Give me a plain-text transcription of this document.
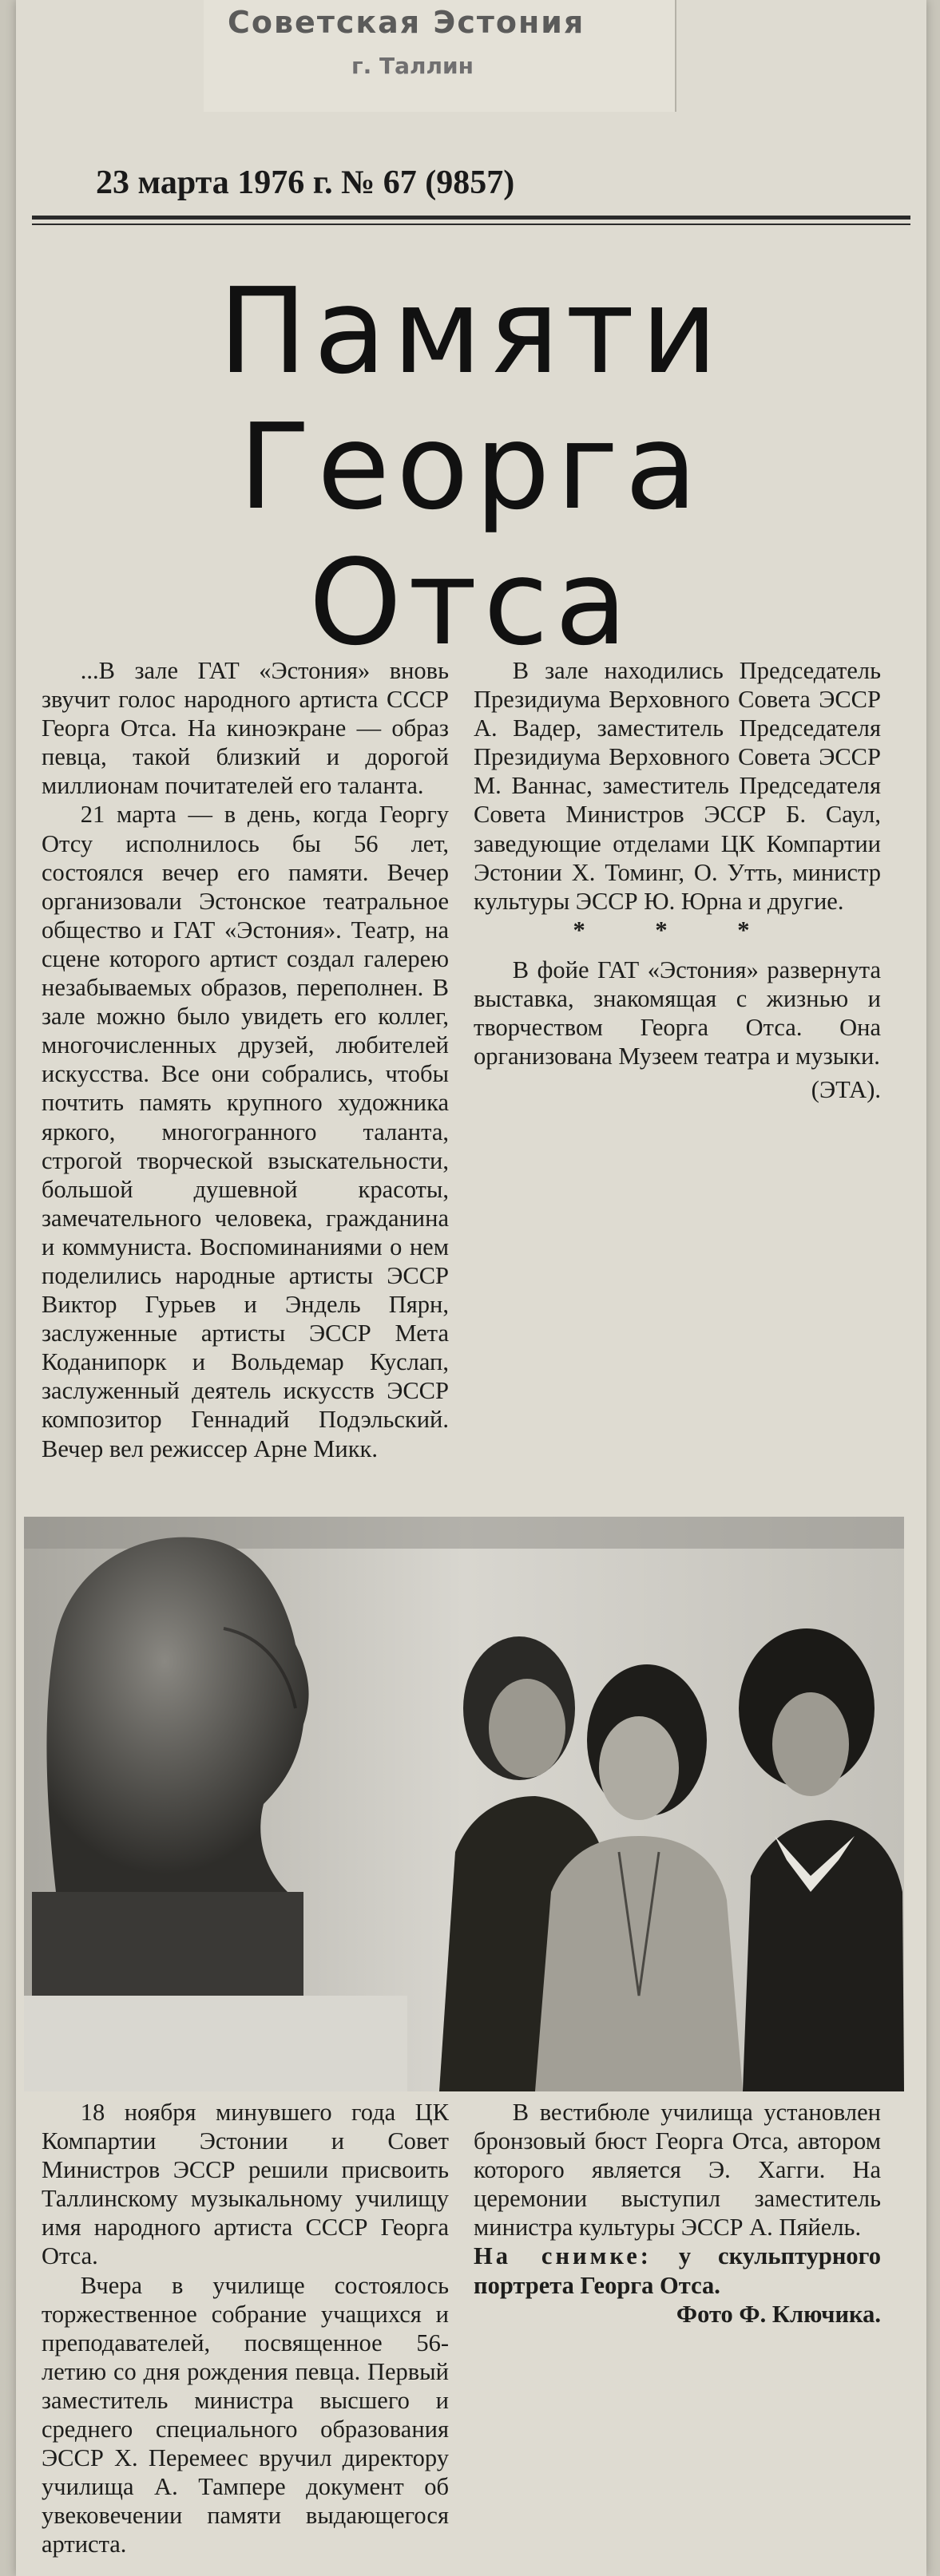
Советская Эстония
г. Таллин
23 марта 1976 г. № 67 (9857)
Памяти
Георга
Отса

...В зале ГАТ «Эстония» вновь звучит голос народного артиста СССР Георга Отса. На киноэкране — образ певца, такой близкий и дорогой миллионам почитателей его таланта.

21 марта — в день, когда Георгу Отсу исполнилось бы 56 лет, состоялся вечер его памяти. Вечер организовали Эстонское театральное общество и ГАТ «Эстония». Театр, на сцене которого артист создал галерею незабываемых образов, переполнен. В зале можно было увидеть его коллег, многочисленных друзей, любителей искусства. Все они собрались, чтобы почтить память крупного художника яркого, многогранного таланта, строгой творческой взыскательности, большой душевной красоты, замечательного человека, гражданина и коммуниста. Воспоминаниями о нем поделились народные артисты ЭССР Виктор Гурьев и Эндель Пярн, заслуженные артисты ЭССР Мета Коданипорк и Вольдемар Куслап, заслуженный деятель искусств ЭССР композитор Геннадий Подэльский. Вечер вел режиссер Арне Микк.

В зале находились Председатель Президиума Верховного Совета ЭССР А. Вадер, заместитель Председателя Президиума Верховного Совета ЭССР М. Ваннас, заместитель Председателя Совета Министров ЭССР Б. Саул, заведующие отделами ЦК Компартии Эстонии Х. Томинг, О. Утть, министр культуры ЭССР Ю. Юрна и другие.

* * *

В фойе ГАТ «Эстония» развернута выставка, знакомящая с жизнью и творчеством Георга Отса. Она организована Музеем театра и музыки.

(ЭТА).

18 ноября минувшего года ЦК Компартии Эстонии и Совет Министров ЭССР решили присвоить Таллинскому музыкальному училищу имя народного артиста СССР Георга Отса.

Вчера в училище состоялось торжественное собрание учащихся и преподавателей, посвященное 56-летию со дня рождения певца. Первый заместитель министра высшего и среднего специального образования ЭССР Х. Перемеес вручил директору училища А. Тампере документ об увековечении памяти выдающегося артиста.

В вестибюле училища установлен бронзовый бюст Георга Отса, автором которого является Э. Хагги. На церемонии выступил заместитель министра культуры ЭССР А. Пяйель.

На снимке: у скульптурного портрета Георга Отса.

Фото Ф. Ключика.
